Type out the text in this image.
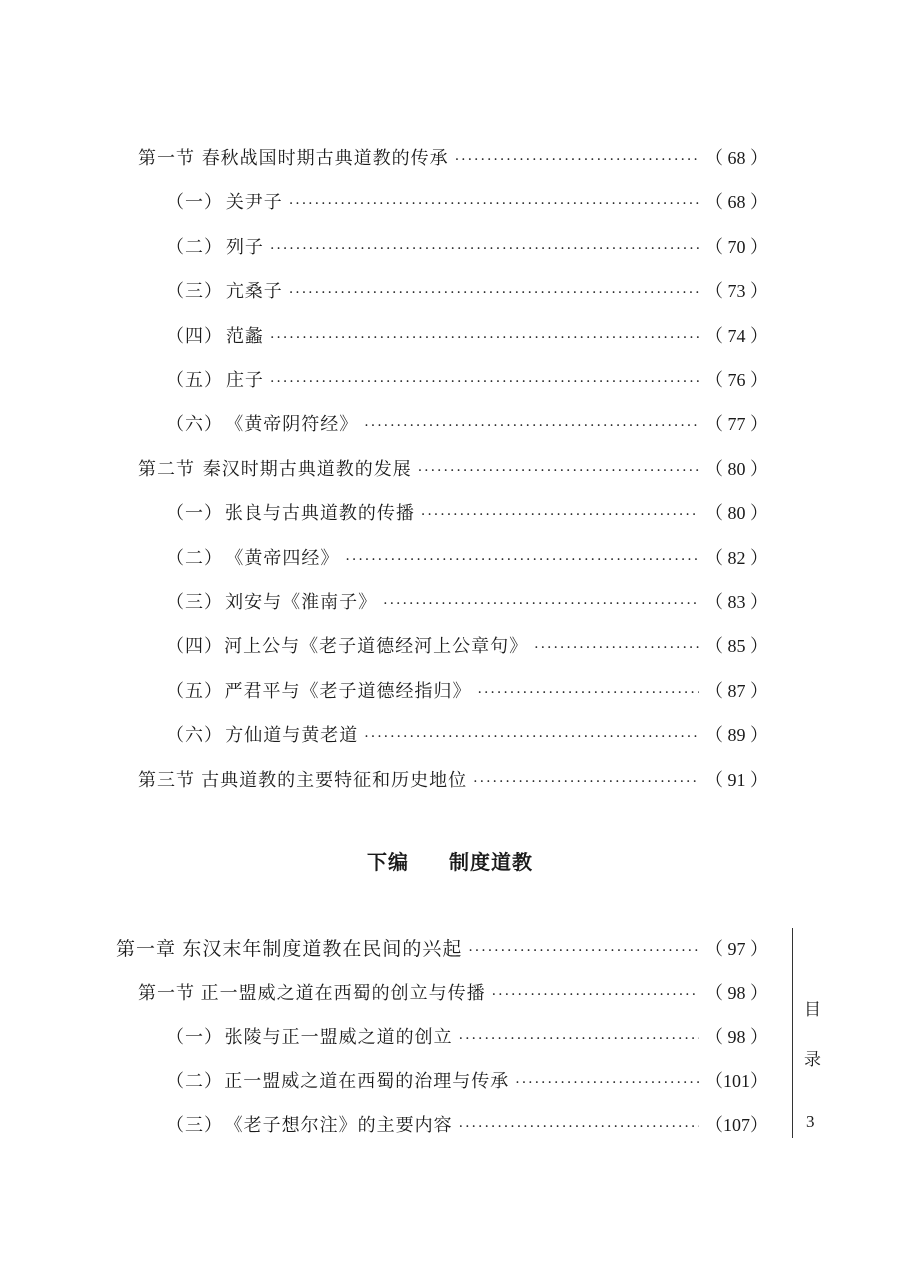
第一节 春秋战国时期古典道教的传承 ·····	（ 68 ）
（一） 关尹子 ·····	（ 68 ）
（二） 列子 ·····	（ 70 ）
（三） 亢桑子 ·····	（ 73 ）
（四） 范蠡 ·····	（ 74 ）
（五） 庄子 ·····	（ 76 ）
（六） 《黄帝阴符经》 ·····	（ 77 ）
第二节 秦汉时期古典道教的发展 ·····	（ 80 ）
（一） 张良与古典道教的传播 ·····	（ 80 ）
（二） 《黄帝四经》 ·····	（ 82 ）
（三） 刘安与《淮南子》 ·····	（ 83 ）
（四） 河上公与《老子道德经河上公章句》 ·····	（ 85 ）
（五） 严君平与《老子道德经指归》 ·····	（ 87 ）
（六） 方仙道与黄老道 ·····	（ 89 ）
第三节 古典道教的主要特征和历史地位 ·····	（ 91 ）
第一章 东汉末年制度道教在民间的兴起 ·····	（ 97 ）
第一节 正一盟威之道在西蜀的创立与传播 ·····	（ 98 ）
（一） 张陵与正一盟威之道的创立 ·····	（ 98 ）
（二） 正一盟威之道在西蜀的治理与传承 ·····	（101）
（三） 《老子想尔注》的主要内容 ·····	（107）
下编 制度道教
目
录
3
